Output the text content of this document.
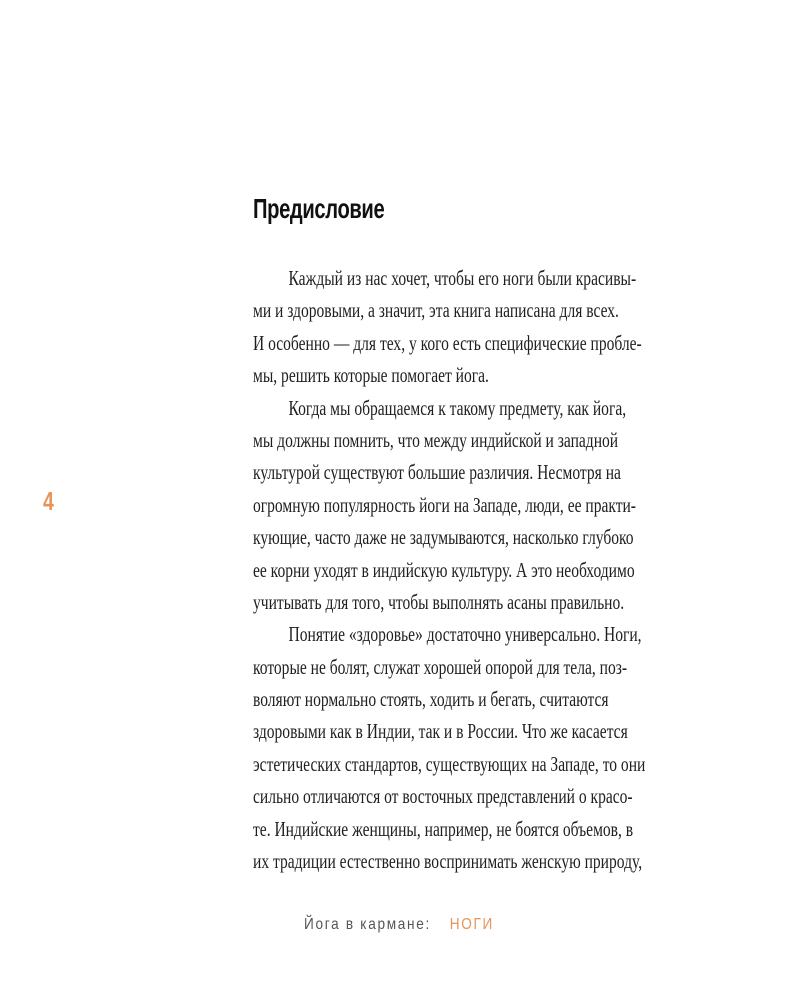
4
Предисловие
Каждый из нас хочет, чтобы его ноги были красивы-
ми и здоровыми, а значит, эта книга написана для всех.
И особенно — для тех, у кого есть специфические пробле-
мы, решить которые помогает йога.
Когда мы обращаемся к такому предмету, как йога,
мы должны помнить, что между индийской и западной
культурой существуют большие различия. Несмотря на
огромную популярность йоги на Западе, люди, ее практи-
кующие, часто даже не задумываются, насколько глубоко
ее корни уходят в индийскую культуру. А это необходимо
учитывать для того, чтобы выполнять асаны правильно.
Понятие «здоровье» достаточно универсально. Ноги,
которые не болят, служат хорошей опорой для тела, поз-
воляют нормально стоять, ходить и бегать, считаются
здоровыми как в Индии, так и в России. Что же касается
эстетических стандартов, существующих на Западе, то они
сильно отличаются от восточных представлений о красо-
те. Индийские женщины, например, не боятся объемов, в
их традиции естественно воспринимать женскую природу,
Йога в кармане: НОГИ
